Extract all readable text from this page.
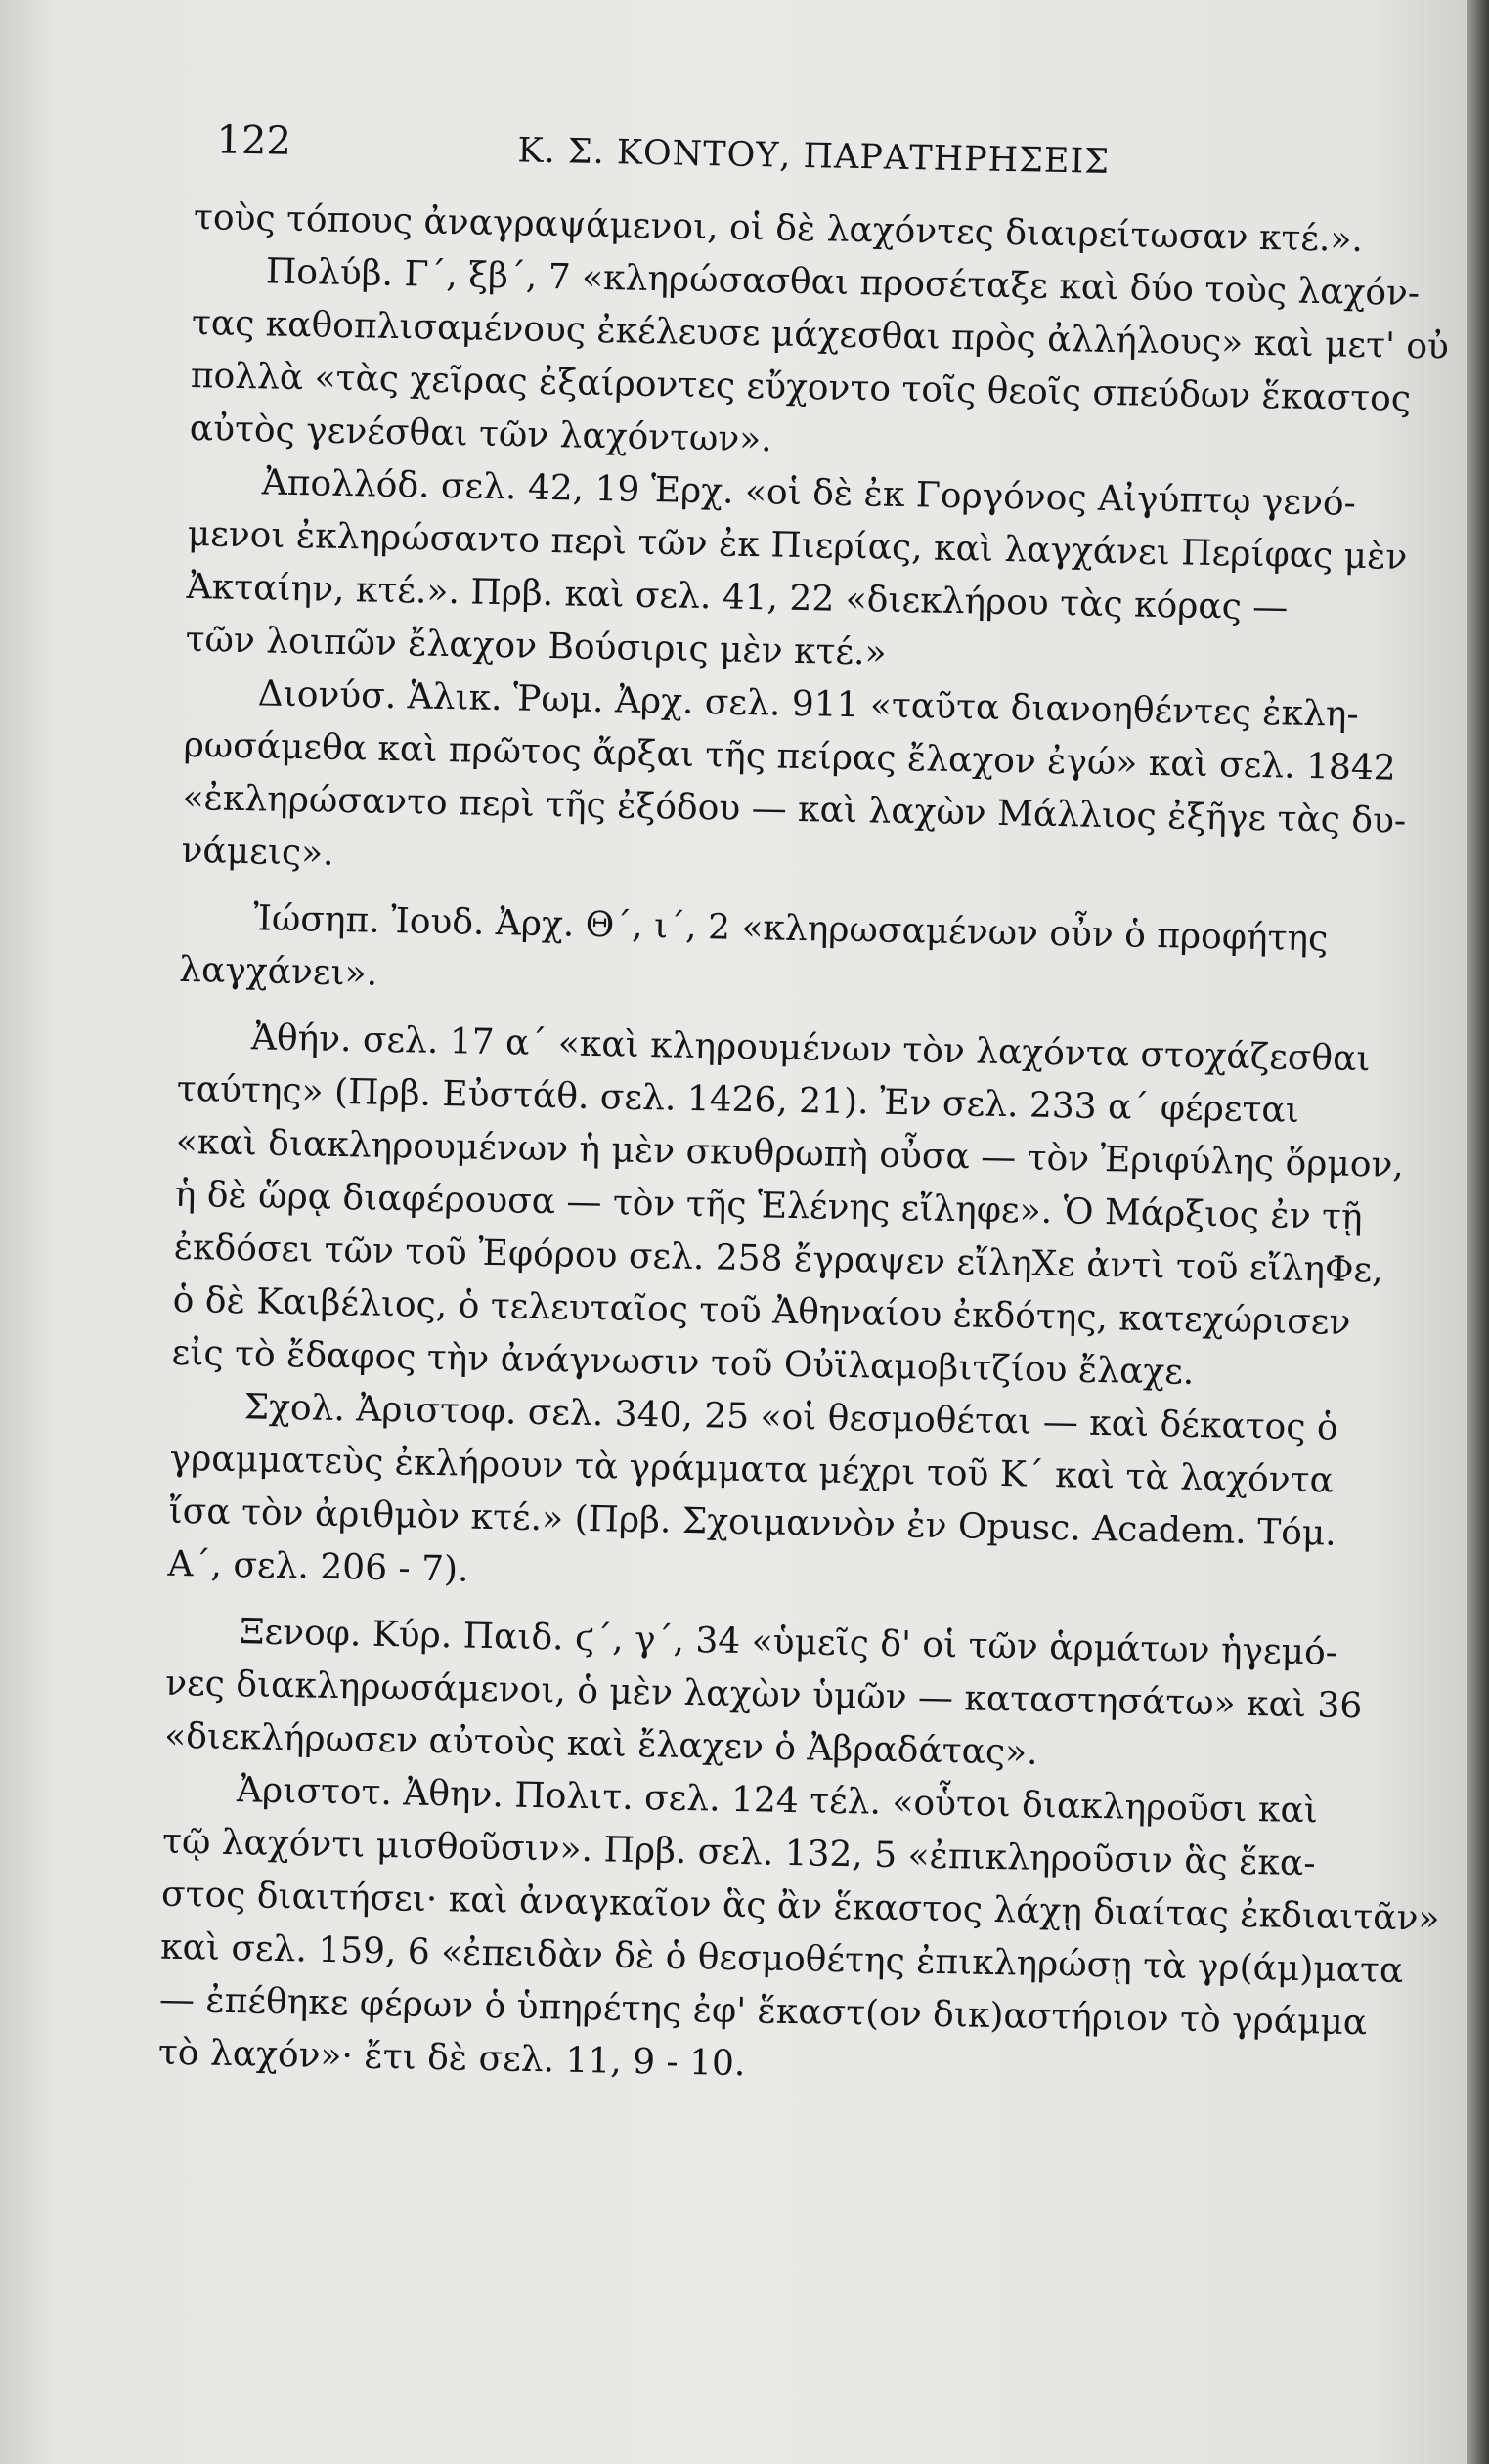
122	Κ. Σ. ΚΟΝΤΟΥ, ΠΑΡΑΤΗΡΗΣΕΙΣ
τοὺς τόπους ἀναγραψάμενοι, οἱ δὲ λαχόντες διαιρείτωσαν κτέ.».
Πολύβ. Γ΄, ξβ΄, 7 «κληρώσασθαι προσέταξε καὶ δύο τοὺς λαχόν-
τας καθοπλισαμένους ἐκέλευσε μάχεσθαι πρὸς ἀλλήλους» καὶ μετ' οὐ
πολλὰ «τὰς χεῖρας ἐξαίροντες εὔχοντο τοῖς θεοῖς σπεύδων ἕκαστος
αὐτὸς γενέσθαι τῶν λαχόντων».
Ἀπολλόδ. σελ. 42, 19 Ἑρχ. «οἱ δὲ ἐκ Γοργόνος Αἰγύπτῳ γενό-
μενοι ἐκληρώσαντο περὶ τῶν ἐκ Πιερίας, καὶ λαγχάνει Περίφας μὲν
Ἀκταίην, κτέ.». Πρβ. καὶ σελ. 41, 22 «διεκλήρου τὰς κόρας —
τῶν λοιπῶν ἔλαχον Βούσιρις μὲν κτέ.»
Διονύσ. Ἁλικ. Ῥωμ. Ἀρχ. σελ. 911 «ταῦτα διανοηθέντες ἐκλη-
ρωσάμεθα καὶ πρῶτος ἄρξαι τῆς πείρας ἔλαχον ἐγώ» καὶ σελ. 1842
«ἐκληρώσαντο περὶ τῆς ἐξόδου — καὶ λαχὼν Μάλλιος ἐξῆγε τὰς δυ-
νάμεις».
Ἰώσηπ. Ἰουδ. Ἀρχ. Θ΄, ι΄, 2 «κληρωσαμένων οὖν ὁ προφήτης
λαγχάνει».
Ἀθήν. σελ. 17 α΄ «καὶ κληρουμένων τὸν λαχόντα στοχάζεσθαι
ταύτης» (Πρβ. Εὐστάθ. σελ. 1426, 21). Ἐν σελ. 233 α΄ φέρεται
«καὶ διακληρουμένων ἡ μὲν σκυθρωπὴ οὖσα — τὸν Ἐριφύλης ὅρμον,
ἡ δὲ ὥρᾳ διαφέρουσα — τὸν τῆς Ἑλένης εἴληφε». Ὁ Μάρξιος ἐν τῇ
ἐκδόσει τῶν τοῦ Ἐφόρου σελ. 258 ἔγραψεν εἴληΧε ἀντὶ τοῦ εἴληΦε,
ὁ δὲ Καιβέλιος, ὁ τελευταῖος τοῦ Ἀθηναίου ἐκδότης, κατεχώρισεν
εἰς τὸ ἔδαφος τὴν ἀνάγνωσιν τοῦ Οὐϊλαμοβιτζίου ἔλαχε.
Σχολ. Ἀριστοφ. σελ. 340, 25 «οἱ θεσμοθέται — καὶ δέκατος ὁ
γραμματεὺς ἐκλήρουν τὰ γράμματα μέχρι τοῦ Κ΄ καὶ τὰ λαχόντα
ἴσα τὸν ἀριθμὸν κτέ.» (Πρβ. Σχοιμαννὸν ἐν Opusc. Academ. Τόμ.
Α΄, σελ. 206 - 7).
Ξενοφ. Κύρ. Παιδ. ϛ΄, γ΄, 34 «ὑμεῖς δ' οἱ τῶν ἁρμάτων ἡγεμό-
νες διακληρωσάμενοι, ὁ μὲν λαχὼν ὑμῶν — καταστησάτω» καὶ 36
«διεκλήρωσεν αὐτοὺς καὶ ἔλαχεν ὁ Ἀβραδάτας».
Ἀριστοτ. Ἀθην. Πολιτ. σελ. 124 τέλ. «οὗτοι διακληροῦσι καὶ
τῷ λαχόντι μισθοῦσιν». Πρβ. σελ. 132, 5 «ἐπικληροῦσιν ἃς ἕκα-
στος διαιτήσει· καὶ ἀναγκαῖον ἃς ἂν ἕκαστος λάχῃ διαίτας ἐκδιαιτᾶν»
καὶ σελ. 159, 6 «ἐπειδὰν δὲ ὁ θεσμοθέτης ἐπικληρώσῃ τὰ γρ(άμ)ματα
— ἐπέθηκε φέρων ὁ ὑπηρέτης ἐφ' ἕκαστ(ον δικ)αστήριον τὸ γράμμα
τὸ λαχόν»· ἔτι δὲ σελ. 11, 9 - 10.
